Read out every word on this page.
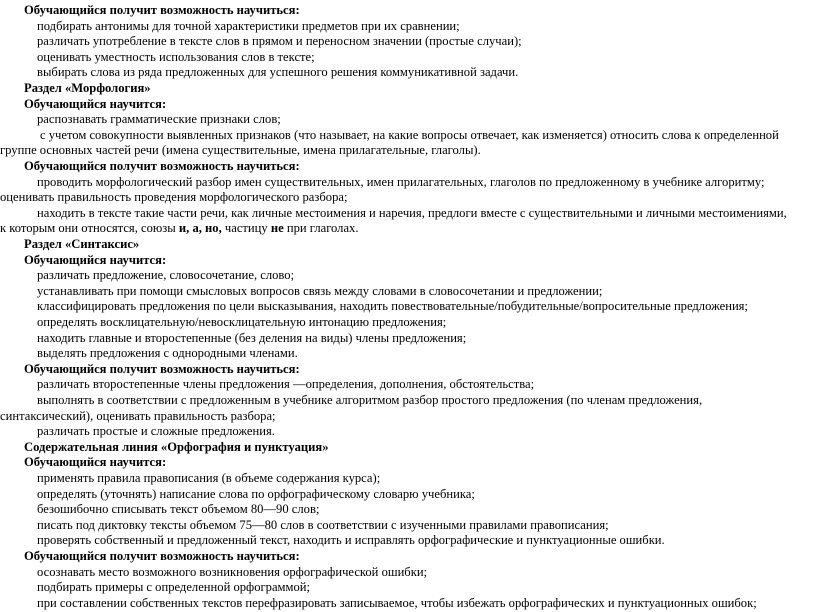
Обучающийся получит возможность научиться:
подбирать антонимы для точной характеристики предметов при их сравнении;
различать употребление в тексте слов в прямом и переносном значении (простые случаи);
оценивать уместность использования слов в тексте;
выбирать слова из ряда предложенных для успешного решения коммуникативной задачи.
Раздел «Морфология»
Обучающийся научится:
распознавать грамматические признаки слов;
с учетом совокупности выявленных признаков (что называет, на какие вопросы отвечает, как изменяется) относить слова к определенной
группе основных частей речи (имена существительные, имена прилагательные, глаголы).
Обучающийся получит возможность научиться:
проводить морфологический разбор имен существительных, имен прилагательных, глаголов по предложенному в учебнике алгоритму;
оценивать правильность проведения морфологического разбора;
находить в тексте такие части речи, как личные местоимения и наречия, предлоги вместе с существительными и личными местоимениями,
к которым они относятся, союзы и, а, но, частицу не при глаголах.
Раздел «Синтаксис»
Обучающийся научится:
различать предложение, словосочетание, слово;
устанавливать при помощи смысловых вопросов связь между словами в словосочетании и предложении;
классифицировать предложения по цели высказывания, находить повествовательные/побудительные/вопросительные предложения;
определять восклицательную/невосклицательную интонацию предложения;
находить главные и второстепенные (без деления на виды) члены предложения;
выделять предложения с однородными членами.
Обучающийся получит возможность научиться:
различать второстепенные члены предложения —определения, дополнения, обстоятельства;
выполнять в соответствии с предложенным в учебнике алгоритмом разбор простого предложения (по членам предложения,
синтаксический), оценивать правильность разбора;
различать простые и сложные предложения.
Содержательная линия «Орфография и пунктуация»
Обучающийся научится:
применять правила правописания (в объеме содержания курса);
определять (уточнять) написание слова по орфографическому словарю учебника;
безошибочно списывать текст объемом 80—90 слов;
писать под диктовку тексты объемом 75—80 слов в соответствии с изученными правилами правописания;
проверять собственный и предложенный текст, находить и исправлять орфографические и пунктуационные ошибки.
Обучающийся получит возможность научиться:
осознавать место возможного возникновения орфографической ошибки;
подбирать примеры с определенной орфограммой;
при составлении собственных текстов перефразировать записываемое, чтобы избежать орфографических и пунктуационных ошибок;
